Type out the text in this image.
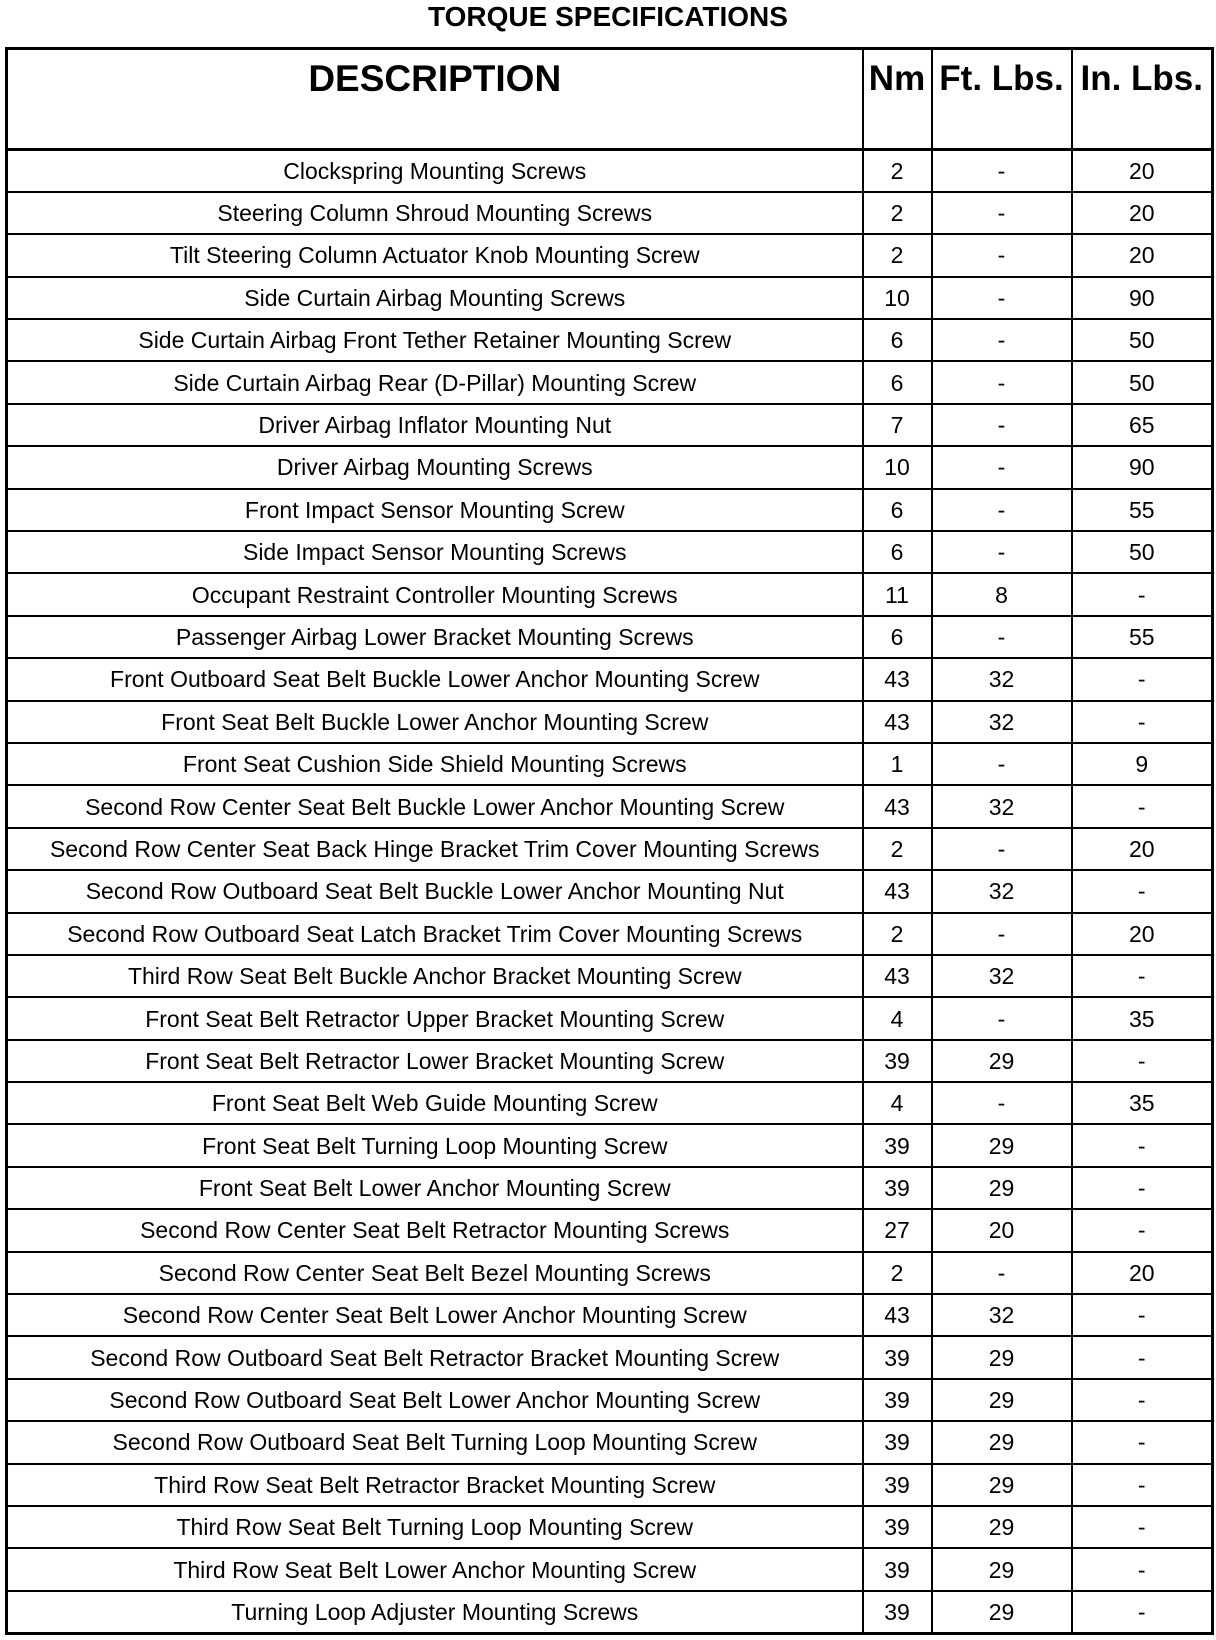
TORQUE SPECIFICATIONS
DESCRIPTION	Nm	Ft. Lbs.	In. Lbs.
Clockspring Mounting Screws	2	-	20
Steering Column Shroud Mounting Screws	2	-	20
Tilt Steering Column Actuator Knob Mounting Screw	2	-	20
Side Curtain Airbag Mounting Screws	10	-	90
Side Curtain Airbag Front Tether Retainer Mounting Screw	6	-	50
Side Curtain Airbag Rear (D-Pillar) Mounting Screw	6	-	50
Driver Airbag Inflator Mounting Nut	7	-	65
Driver Airbag Mounting Screws	10	-	90
Front Impact Sensor Mounting Screw	6	-	55
Side Impact Sensor Mounting Screws	6	-	50
Occupant Restraint Controller Mounting Screws	11	8	-
Passenger Airbag Lower Bracket Mounting Screws	6	-	55
Front Outboard Seat Belt Buckle Lower Anchor Mounting Screw	43	32	-
Front Seat Belt Buckle Lower Anchor Mounting Screw	43	32	-
Front Seat Cushion Side Shield Mounting Screws	1	-	9
Second Row Center Seat Belt Buckle Lower Anchor Mounting Screw	43	32	-
Second Row Center Seat Back Hinge Bracket Trim Cover Mounting Screws	2	-	20
Second Row Outboard Seat Belt Buckle Lower Anchor Mounting Nut	43	32	-
Second Row Outboard Seat Latch Bracket Trim Cover Mounting Screws	2	-	20
Third Row Seat Belt Buckle Anchor Bracket Mounting Screw	43	32	-
Front Seat Belt Retractor Upper Bracket Mounting Screw	4	-	35
Front Seat Belt Retractor Lower Bracket Mounting Screw	39	29	-
Front Seat Belt Web Guide Mounting Screw	4	-	35
Front Seat Belt Turning Loop Mounting Screw	39	29	-
Front Seat Belt Lower Anchor Mounting Screw	39	29	-
Second Row Center Seat Belt Retractor Mounting Screws	27	20	-
Second Row Center Seat Belt Bezel Mounting Screws	2	-	20
Second Row Center Seat Belt Lower Anchor Mounting Screw	43	32	-
Second Row Outboard Seat Belt Retractor Bracket Mounting Screw	39	29	-
Second Row Outboard Seat Belt Lower Anchor Mounting Screw	39	29	-
Second Row Outboard Seat Belt Turning Loop Mounting Screw	39	29	-
Third Row Seat Belt Retractor Bracket Mounting Screw	39	29	-
Third Row Seat Belt Turning Loop Mounting Screw	39	29	-
Third Row Seat Belt Lower Anchor Mounting Screw	39	29	-
Turning Loop Adjuster Mounting Screws	39	29	-
